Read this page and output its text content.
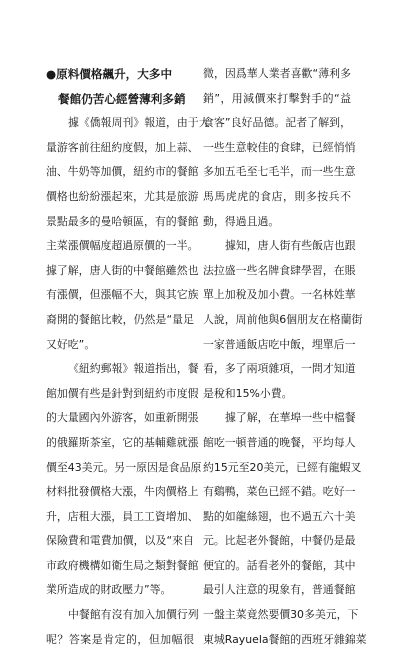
●原料價格飆升，大多中
餐館仍苦心經營薄利多銷
據《僑報周刊》報道，由于大
量游客前往紐約度假，加上蒜、
油、牛奶等加價，紐約市的餐館
價格也紛紛漲起來，尤其是旅游
景點最多的曼哈頓區，有的餐館
主菜漲價幅度超過原價的一半。
據了解，唐人街的中餐館雖然也
有漲價，但漲幅不大，與其它族
裔開的餐館比較，仍然是“量足
又好吃”。
《紐約郵報》報道指出，餐
館加價有些是針對到紐約市度假
的大量國內外游客，如重新開張
的俄羅斯茶室，它的基輔雞就漲
價至43美元。另一原因是食品原
材料批發價格大漲，牛肉價格上
升，店租大漲，員工工資增加、
保險費和電費加價，以及“來自
市政府機構如衛生局之類對餐館
業所造成的財政壓力”等。
中餐館有沒有加入加價行列
呢？答案是肯定的，但加幅很
微，因爲華人業者喜歡“薄利多
銷”，用減價來打擊對手的“益
食客”良好品德。記者了解到，
一些生意較佳的食肆，已經悄悄
多加五毛至七毛半，而一些生意
馬馬虎虎的食店，則多按兵不
動，得過且過。
據知，唐人街有些飯店也跟
法拉盛一些名牌食肆學習，在賬
單上加稅及加小費。一名林姓華
人說，周前他與6個朋友在格蘭街
一家普通飯店吃中飯，埋單后一
看，多了兩項雜項，一問才知道
是稅和15%小費。
據了解，在華埠一些中檔餐
館吃一頓普通的晚餐，平均每人
約15元至20美元，已經有龍蝦叉
有鷄鴨，菜色已經不錯。吃好一
點的如龍絲翅，也不過五六十美
元。比起老外餐館，中餐仍是最
便宜的。話看老外的餐館，其中
最引人注意的現象有，普通餐館
一盤主菜竟然要價30多美元，下
東城Rayuela餐館的西班牙雜錦菜
